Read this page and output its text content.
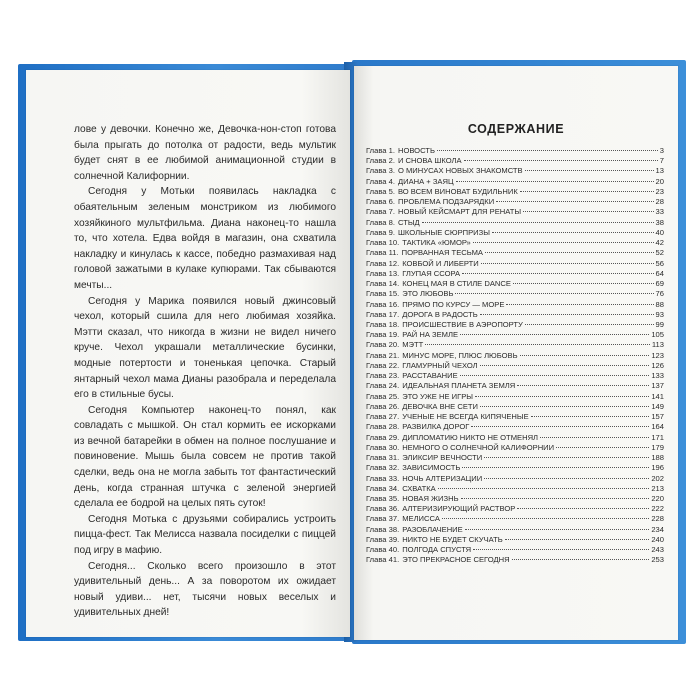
лове у девочки. Конечно же, Девочка-нон-стоп готова была прыгать до потолка от радости, ведь мультик будет снят в ее любимой анимационной студии в солнечной Калифорнии.

Сегодня у Мотьки появилась накладка с обаятельным зеленым монстриком из любимого хозяйкиного мультфильма. Диана наконец-то нашла то, что хотела. Едва войдя в магазин, она схватила накладку и кинулась к кассе, победно размахивая над головой зажатыми в кулаке купюрами. Так сбываются мечты...

Сегодня у Марика появился новый джинсовый чехол, который сшила для него любимая хозяйка. Мэтти сказал, что никогда в жизни не видел ничего круче. Чехол украшали металлические бусинки, модные потертости и тоненькая цепочка. Старый янтарный чехол мама Дианы разобрала и переделала его в стильные бусы.

Сегодня Компьютер наконец-то понял, как совладать с мышкой. Он стал кормить ее искорками из вечной батарейки в обмен на полное послушание и повиновение. Мышь была совсем не против такой сделки, ведь она не могла забыть тот фантастический день, когда странная штучка с зеленой энергией сделала ее бодрой на целых пять суток!

Сегодня Мотька с друзьями собирались устроить пицца-фест. Так Мелисса назвала посиделки с пиццей под игру в мафию.

Сегодня... Сколько всего произошло в этот удивительный день... А за поворотом их ожидает новый удиви... нет, тысячи новых веселых и удивительных дней!

СОДЕРЖАНИЕ
Глава 1. НОВОСТЬ	3
Глава 2. И СНОВА ШКОЛА	7
Глава 3. О МИНУСАХ НОВЫХ ЗНАКОМСТВ	13
Глава 4. ДИАНА + ЗАЯЦ	20
Глава 5. ВО ВСЕМ ВИНОВАТ БУДИЛЬНИК	23
Глава 6. ПРОБЛЕМА ПОДЗАРЯДКИ	28
Глава 7. НОВЫЙ КЕЙСМАРТ ДЛЯ РЕНАТЫ	33
Глава 8. СТЫД	38
Глава 9. ШКОЛЬНЫЕ СЮРПРИЗЫ	40
Глава 10. ТАКТИКА «ЮМОР»	42
Глава 11. ПОРВАННАЯ ТЕСЬМА	52
Глава 12. КОВБОЙ И ЛИБЕРТИ	56
Глава 13. ГЛУПАЯ ССОРА	64
Глава 14. КОНЕЦ МАЯ В СТИЛЕ DANCE	69
Глава 15. ЭТО ЛЮБОВЬ	76
Глава 16. ПРЯМО ПО КУРСУ — МОРЕ	88
Глава 17. ДОРОГА В РАДОСТЬ	93
Глава 18. ПРОИСШЕСТВИЕ В АЭРОПОРТУ	99
Глава 19. РАЙ НА ЗЕМЛЕ	105
Глава 20. МЭТТ	113
Глава 21. МИНУС МОРЕ, ПЛЮС ЛЮБОВЬ	123
Глава 22. ГЛАМУРНЫЙ ЧЕХОЛ	126
Глава 23. РАССТАВАНИЕ	133
Глава 24. ИДЕАЛЬНАЯ ПЛАНЕТА ЗЕМЛЯ	137
Глава 25. ЭТО УЖЕ НЕ ИГРЫ	141
Глава 26. ДЕВОЧКА ВНЕ СЕТИ	149
Глава 27. УЧЕНЫЕ НЕ ВСЕГДА КИПЯЧЕНЫЕ	157
Глава 28. РАЗВИЛКА ДОРОГ	164
Глава 29. ДИПЛОМАТИЮ НИКТО НЕ ОТМЕНЯЛ	171
Глава 30. НЕМНОГО О СОЛНЕЧНОЙ КАЛИФОРНИИ	179
Глава 31. ЭЛИКСИР ВЕЧНОСТИ	188
Глава 32. ЗАВИСИМОСТЬ	196
Глава 33. НОЧЬ АЛТЕРИЗАЦИИ	202
Глава 34. СХВАТКА	213
Глава 35. НОВАЯ ЖИЗНЬ	220
Глава 36. АЛТЕРИЗИРУЮЩИЙ РАСТВОР	222
Глава 37. МЕЛИССА	228
Глава 38. РАЗОБЛАЧЕНИЕ	234
Глава 39. НИКТО НЕ БУДЕТ СКУЧАТЬ	240
Глава 40. ПОЛГОДА СПУСТЯ	243
Глава 41. ЭТО ПРЕКРАСНОЕ СЕГОДНЯ	253
